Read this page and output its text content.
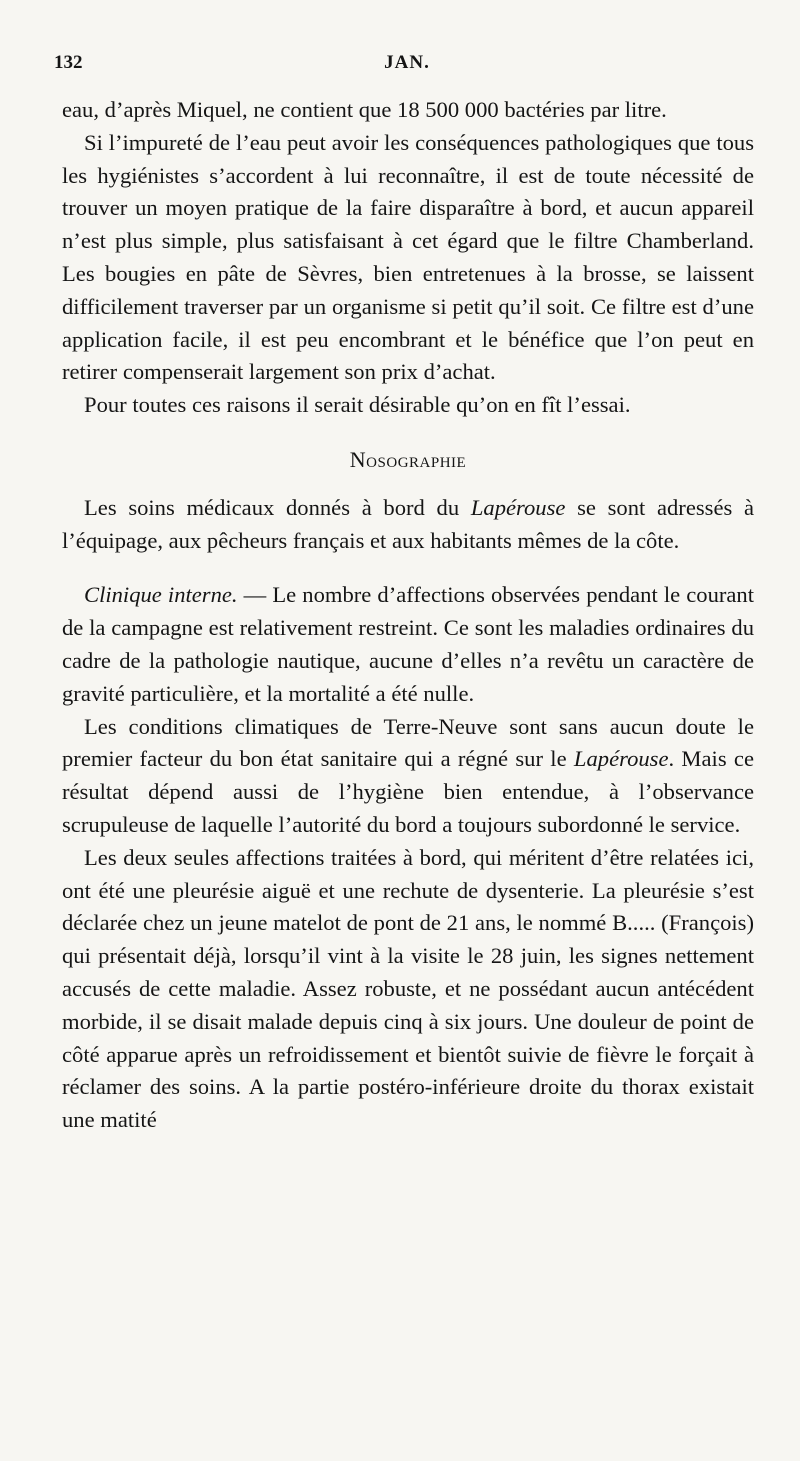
132	JAN.

eau, d’après Miquel, ne contient que 18 500 000 bactéries par litre.

Si l’impureté de l’eau peut avoir les conséquences pathologiques que tous les hygiénistes s’accordent à lui reconnaître, il est de toute nécessité de trouver un moyen pratique de la faire disparaître à bord, et aucun appareil n’est plus simple, plus satisfaisant à cet égard que le filtre Chamberland. Les bougies en pâte de Sèvres, bien entretenues à la brosse, se laissent difficilement traverser par un organisme si petit qu’il soit. Ce filtre est d’une application facile, il est peu encombrant et le bénéfice que l’on peut en retirer compenserait largement son prix d’achat.

Pour toutes ces raisons il serait désirable qu’on en fît l’essai.

Nosographie

Les soins médicaux donnés à bord du Lapérouse se sont adressés à l’équipage, aux pêcheurs français et aux habitants mêmes de la côte.

Clinique interne. — Le nombre d’affections observées pendant le courant de la campagne est relativement restreint. Ce sont les maladies ordinaires du cadre de la pathologie nautique, aucune d’elles n’a revêtu un caractère de gravité particulière, et la mortalité a été nulle.

Les conditions climatiques de Terre-Neuve sont sans aucun doute le premier facteur du bon état sanitaire qui a régné sur le Lapérouse. Mais ce résultat dépend aussi de l’hygiène bien entendue, à l’observance scrupuleuse de laquelle l’autorité du bord a toujours subordonné le service.

Les deux seules affections traitées à bord, qui méritent d’être relatées ici, ont été une pleurésie aiguë et une rechute de dysenterie. La pleurésie s’est déclarée chez un jeune matelot de pont de 21 ans, le nommé B..... (François) qui présentait déjà, lorsqu’il vint à la visite le 28 juin, les signes nettement accusés de cette maladie. Assez robuste, et ne possédant aucun antécédent morbide, il se disait malade depuis cinq à six jours. Une douleur de point de côté apparue après un refroidissement et bientôt suivie de fièvre le forçait à réclamer des soins. A la partie postéro-inférieure droite du thorax existait une matité
